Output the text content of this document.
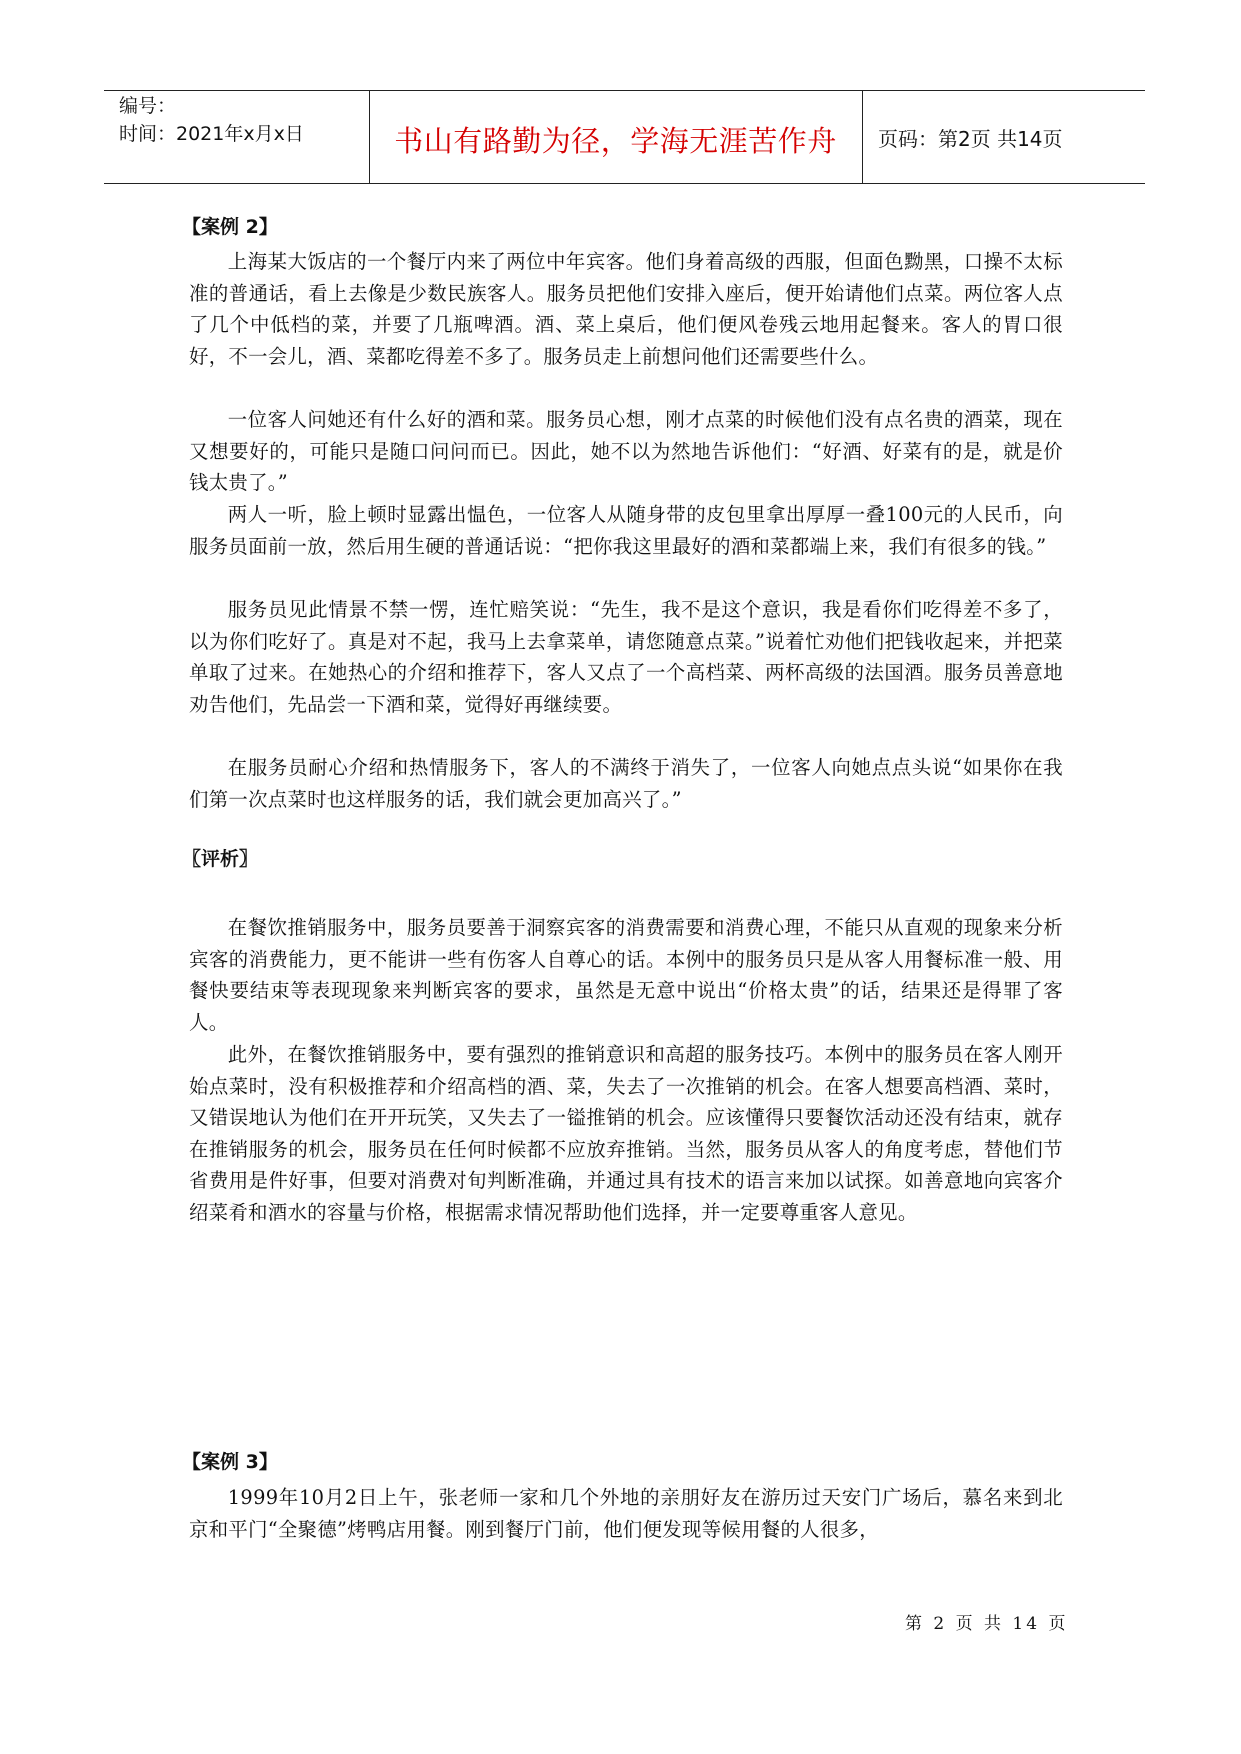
编号：
时间：2021年x月x日	书山有路勤为径，学海无涯苦作舟	页码：第2页 共14页
【案例 2】
上海某大饭店的一个餐厅内来了两位中年宾客。他们身着高级的西服，但面色黝黑，口操不太标准的普通话，看上去像是少数民族客人。服务员把他们安排入座后，便开始请他们点菜。两位客人点了几个中低档的菜，并要了几瓶啤酒。酒、菜上桌后，他们便风卷残云地用起餐来。客人的胃口很好，不一会儿，酒、菜都吃得差不多了。服务员走上前想问他们还需要些什么。
一位客人问她还有什么好的酒和菜。服务员心想，刚才点菜的时候他们没有点名贵的酒菜，现在又想要好的，可能只是随口问问而已。因此，她不以为然地告诉他们：“好酒、好菜有的是，就是价钱太贵了。”
两人一听，脸上顿时显露出愠色，一位客人从随身带的皮包里拿出厚厚一叠100元的人民币，向服务员面前一放，然后用生硬的普通话说：“把你我这里最好的酒和菜都端上来，我们有很多的钱。”
服务员见此情景不禁一愣，连忙赔笑说：“先生，我不是这个意识，我是看你们吃得差不多了，以为你们吃好了。真是对不起，我马上去拿菜单，请您随意点菜。”说着忙劝他们把钱收起来，并把菜单取了过来。在她热心的介绍和推荐下，客人又点了一个高档菜、两杯高级的法国酒。服务员善意地劝告他们，先品尝一下酒和菜，觉得好再继续要。
在服务员耐心介绍和热情服务下，客人的不满终于消失了，一位客人向她点点头说“如果你在我们第一次点菜时也这样服务的话，我们就会更加高兴了。”
〖评析〗
在餐饮推销服务中，服务员要善于洞察宾客的消费需要和消费心理，不能只从直观的现象来分析宾客的消费能力，更不能讲一些有伤客人自尊心的话。本例中的服务员只是从客人用餐标准一般、用餐快要结束等表现现象来判断宾客的要求，虽然是无意中说出“价格太贵”的话，结果还是得罪了客人。
此外，在餐饮推销服务中，要有强烈的推销意识和高超的服务技巧。本例中的服务员在客人刚开始点菜时，没有积极推荐和介绍高档的酒、菜，失去了一次推销的机会。在客人想要高档酒、菜时，又错误地认为他们在开开玩笑，又失去了一镒推销的机会。应该懂得只要餐饮活动还没有结束，就存在推销服务的机会，服务员在任何时候都不应放弃推销。当然，服务员从客人的角度考虑，替他们节省费用是件好事，但要对消费对旬判断准确，并通过具有技术的语言来加以试探。如善意地向宾客介绍菜肴和酒水的容量与价格，根据需求情况帮助他们选择，并一定要尊重客人意见。
【案例 3】
1999年10月2日上午，张老师一家和几个外地的亲朋好友在游历过天安门广场后，慕名来到北京和平门“全聚德”烤鸭店用餐。刚到餐厅门前，他们便发现等候用餐的人很多，
第 2 页 共 14 页
